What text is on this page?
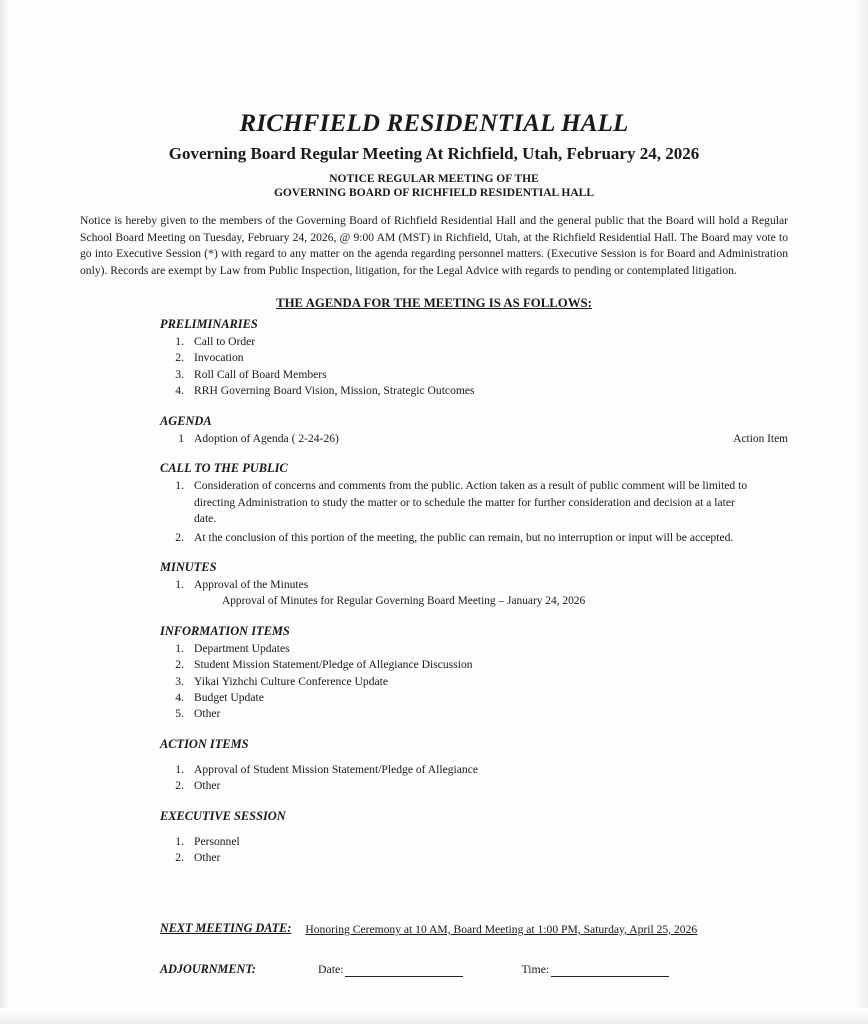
RICHFIELD RESIDENTIAL HALL
Governing Board Regular Meeting At Richfield, Utah, February 24, 2026

NOTICE REGULAR MEETING OF THE

GOVERNING BOARD OF RICHFIELD RESIDENTIAL HALL

Notice is hereby given to the members of the Governing Board of Richfield Residential Hall and the general public that the Board will hold a Regular School Board Meeting on Tuesday, February 24, 2026, @ 9:00 AM (MST) in Richfield, Utah, at the Richfield Residential Hall. The Board may vote to go into Executive Session (*) with regard to any matter on the agenda regarding personnel matters. (Executive Session is for Board and Administration only). Records are exempt by Law from Public Inspection, litigation, for the Legal Advice with regards to pending or contemplated litigation.

THE AGENDA FOR THE MEETING IS AS FOLLOWS:

PRELIMINARIES
1. Call to Order
2. Invocation
3. Roll Call of Board Members
4. RRH Governing Board Vision, Mission, Strategic Outcomes
AGENDA
1 Adoption of Agenda ( 2-24-26)	Action Item
CALL TO THE PUBLIC
1. Consideration of concerns and comments from the public. Action taken as a result of public comment will be limited to directing Administration to study the matter or to schedule the matter for further consideration and decision at a later date.
2. At the conclusion of this portion of the meeting, the public can remain, but no interruption or input will be accepted.
MINUTES
1. Approval of the Minutes
Approval of Minutes for Regular Governing Board Meeting – January 24, 2026
INFORMATION ITEMS
1. Department Updates
2. Student Mission Statement/Pledge of Allegiance Discussion
3. Yikai Yizhchi Culture Conference Update
4. Budget Update
5. Other
ACTION ITEMS
1. Approval of Student Mission Statement/Pledge of Allegiance
2. Other
EXECUTIVE SESSION
1. Personnel
2. Other
NEXT MEETING DATE: Honoring Ceremony at 10 AM, Board Meeting at 1:00 PM, Saturday, April 25, 2026
ADJOURNMENT:	Date:	Time:
